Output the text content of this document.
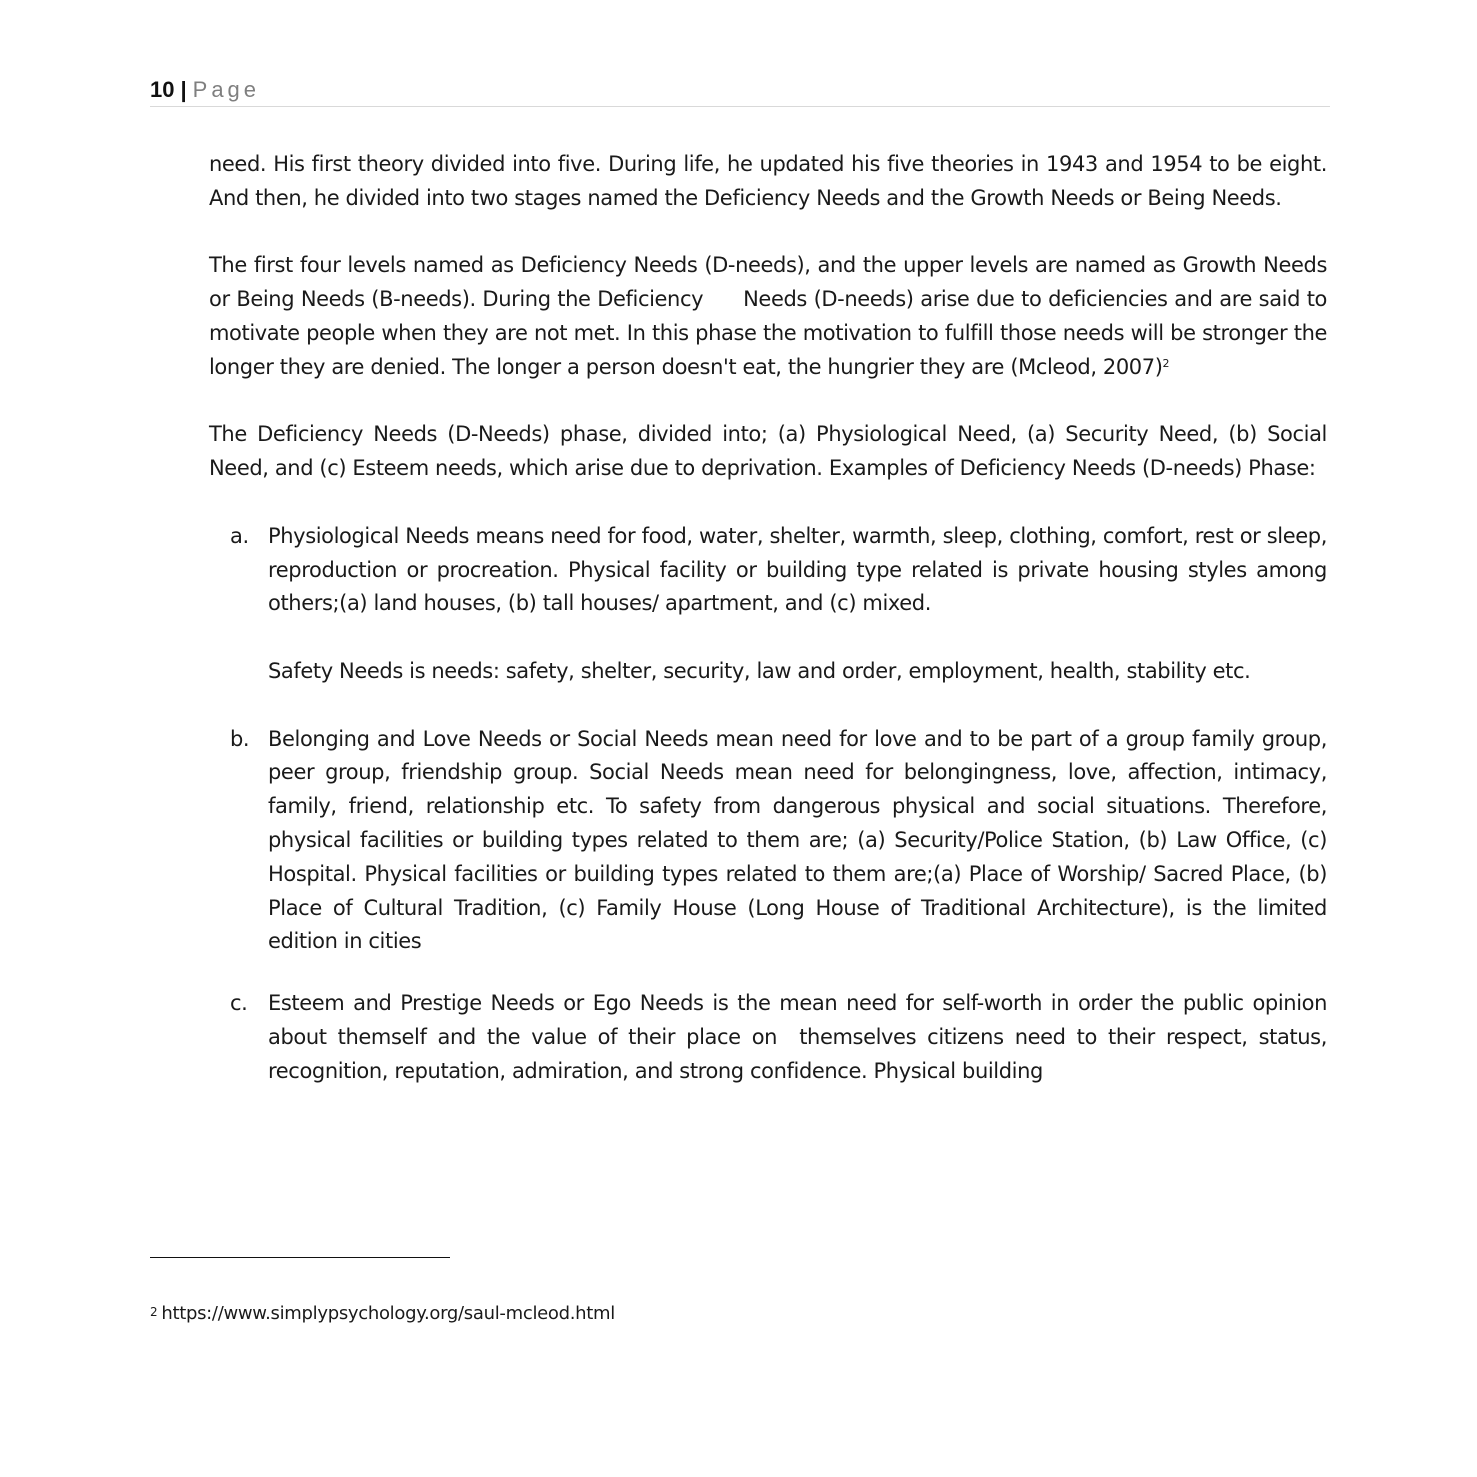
10 | Page

need. His first theory divided into five. During life, he updated his five theories in 1943 and 1954 to be eight. And then, he divided into two stages named the Deficiency Needs and the Growth Needs or Being Needs.

The first four levels named as Deficiency Needs (D-needs), and the upper levels are named as Growth Needs or Being Needs (B-needs). During the Deficiency      Needs (D-needs) arise due to deficiencies and are said to motivate people when they are not met. In this phase the motivation to fulfill those needs will be stronger the longer they are denied. The longer a person doesn't eat, the hungrier they are (Mcleod, 2007)$^2$

The Deficiency Needs (D-Needs) phase, divided into; (a) Physiological Need, (a) Security Need, (b) Social Need, and (c) Esteem needs, which arise due to deprivation. Examples of Deficiency Needs (D-needs) Phase:

a. Physiological Needs means need for food, water, shelter, warmth, sleep, clothing, comfort, rest or sleep, reproduction or procreation. Physical facility or building type related is private housing styles among others;(a) land houses, (b) tall houses/ apartment, and (c) mixed.

Safety Needs is needs: safety, shelter, security, law and order, employment, health, stability etc.

b. Belonging and Love Needs or Social Needs mean need for love and to be part of a group family group, peer group, friendship group. Social Needs mean need for belongingness, love, affection, intimacy, family, friend, relationship etc. To safety from dangerous physical and social situations. Therefore, physical facilities or building types related to them are; (a) Security/Police Station, (b) Law Office, (c) Hospital. Physical facilities or building types related to them are;(a) Place of Worship/ Sacred Place, (b) Place of Cultural Tradition, (c) Family House (Long House of Traditional Architecture), is the limited edition in cities

c. Esteem and Prestige Needs or Ego Needs is the mean need for self-worth in order the public opinion about themself and the value of their place on  themselves citizens need to their respect, status, recognition, reputation, admiration, and strong confidence. Physical building

$^2$ https://www.simplypsychology.org/saul-mcleod.html
